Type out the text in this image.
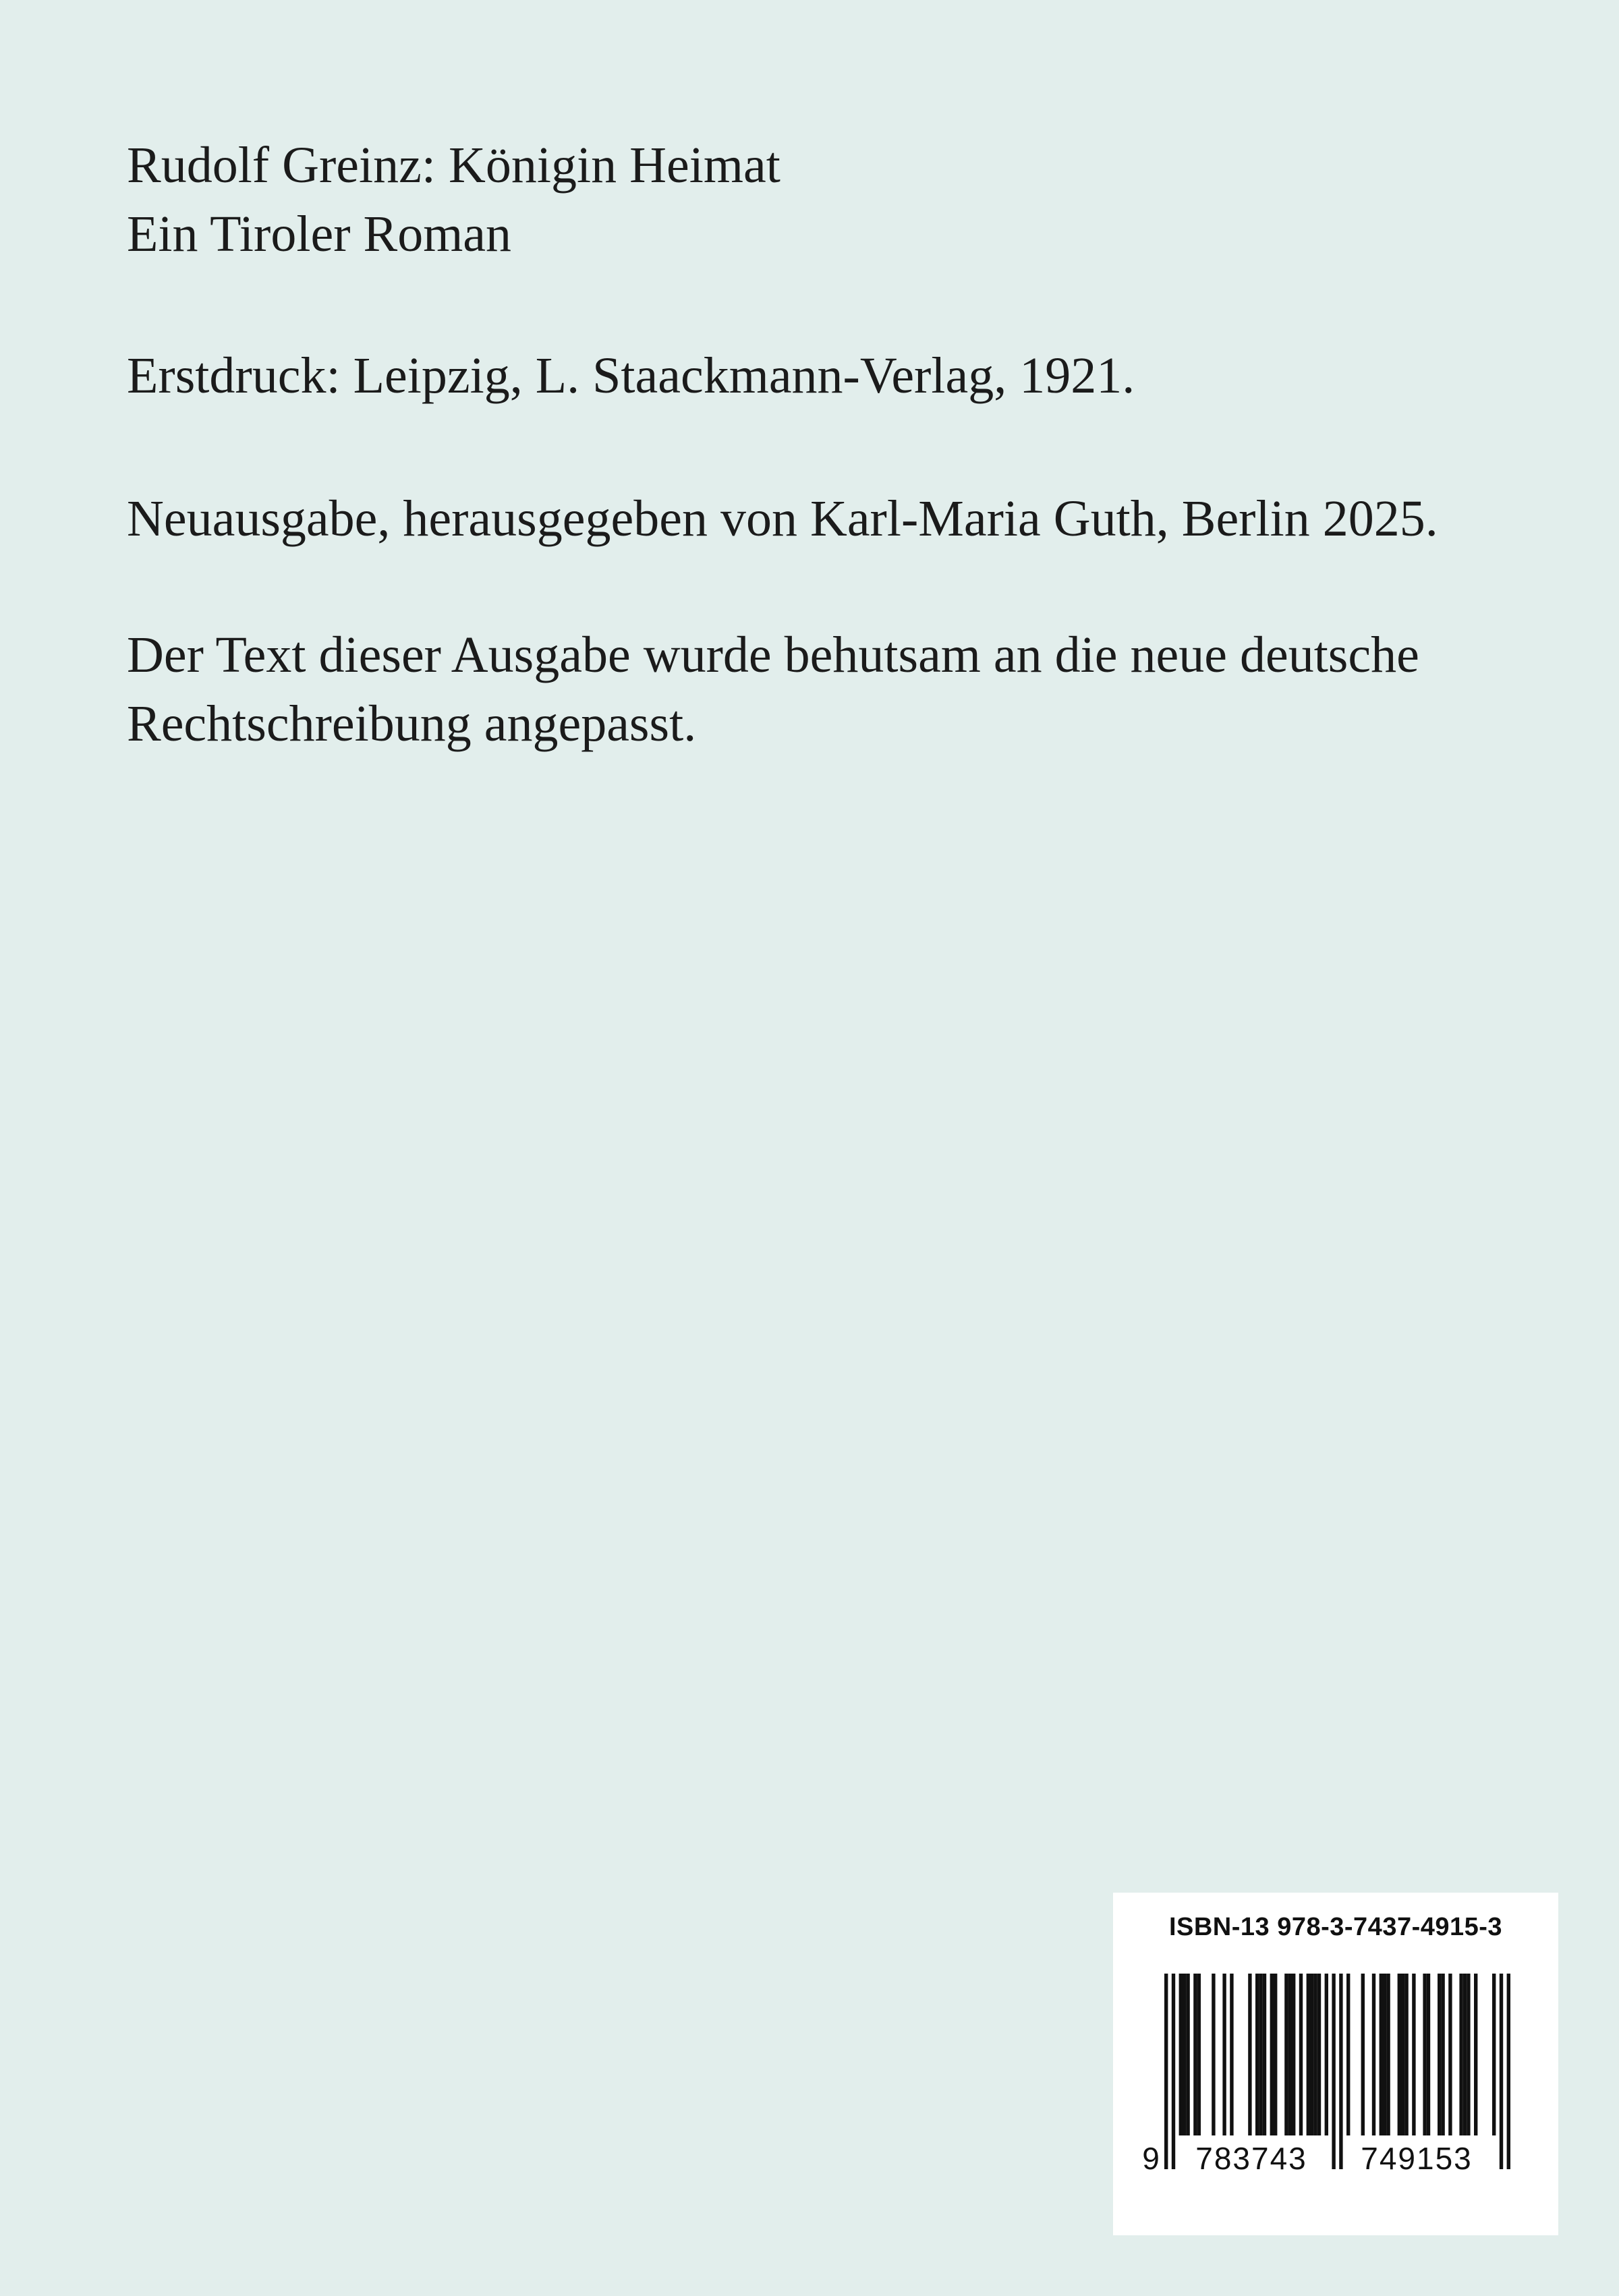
Rudolf Greinz: Königin Heimat
Ein Tiroler Roman
Erstdruck: Leipzig, L. Staackmann-Verlag, 1921.
Neuausgabe, herausgegeben von Karl-Maria Guth, Berlin 2025.
Der Text dieser Ausgabe wurde behutsam an die neue deutsche
Rechtschreibung angepasst.
ISBN-13 978-3-7437-4915-3
9 783743 749153
